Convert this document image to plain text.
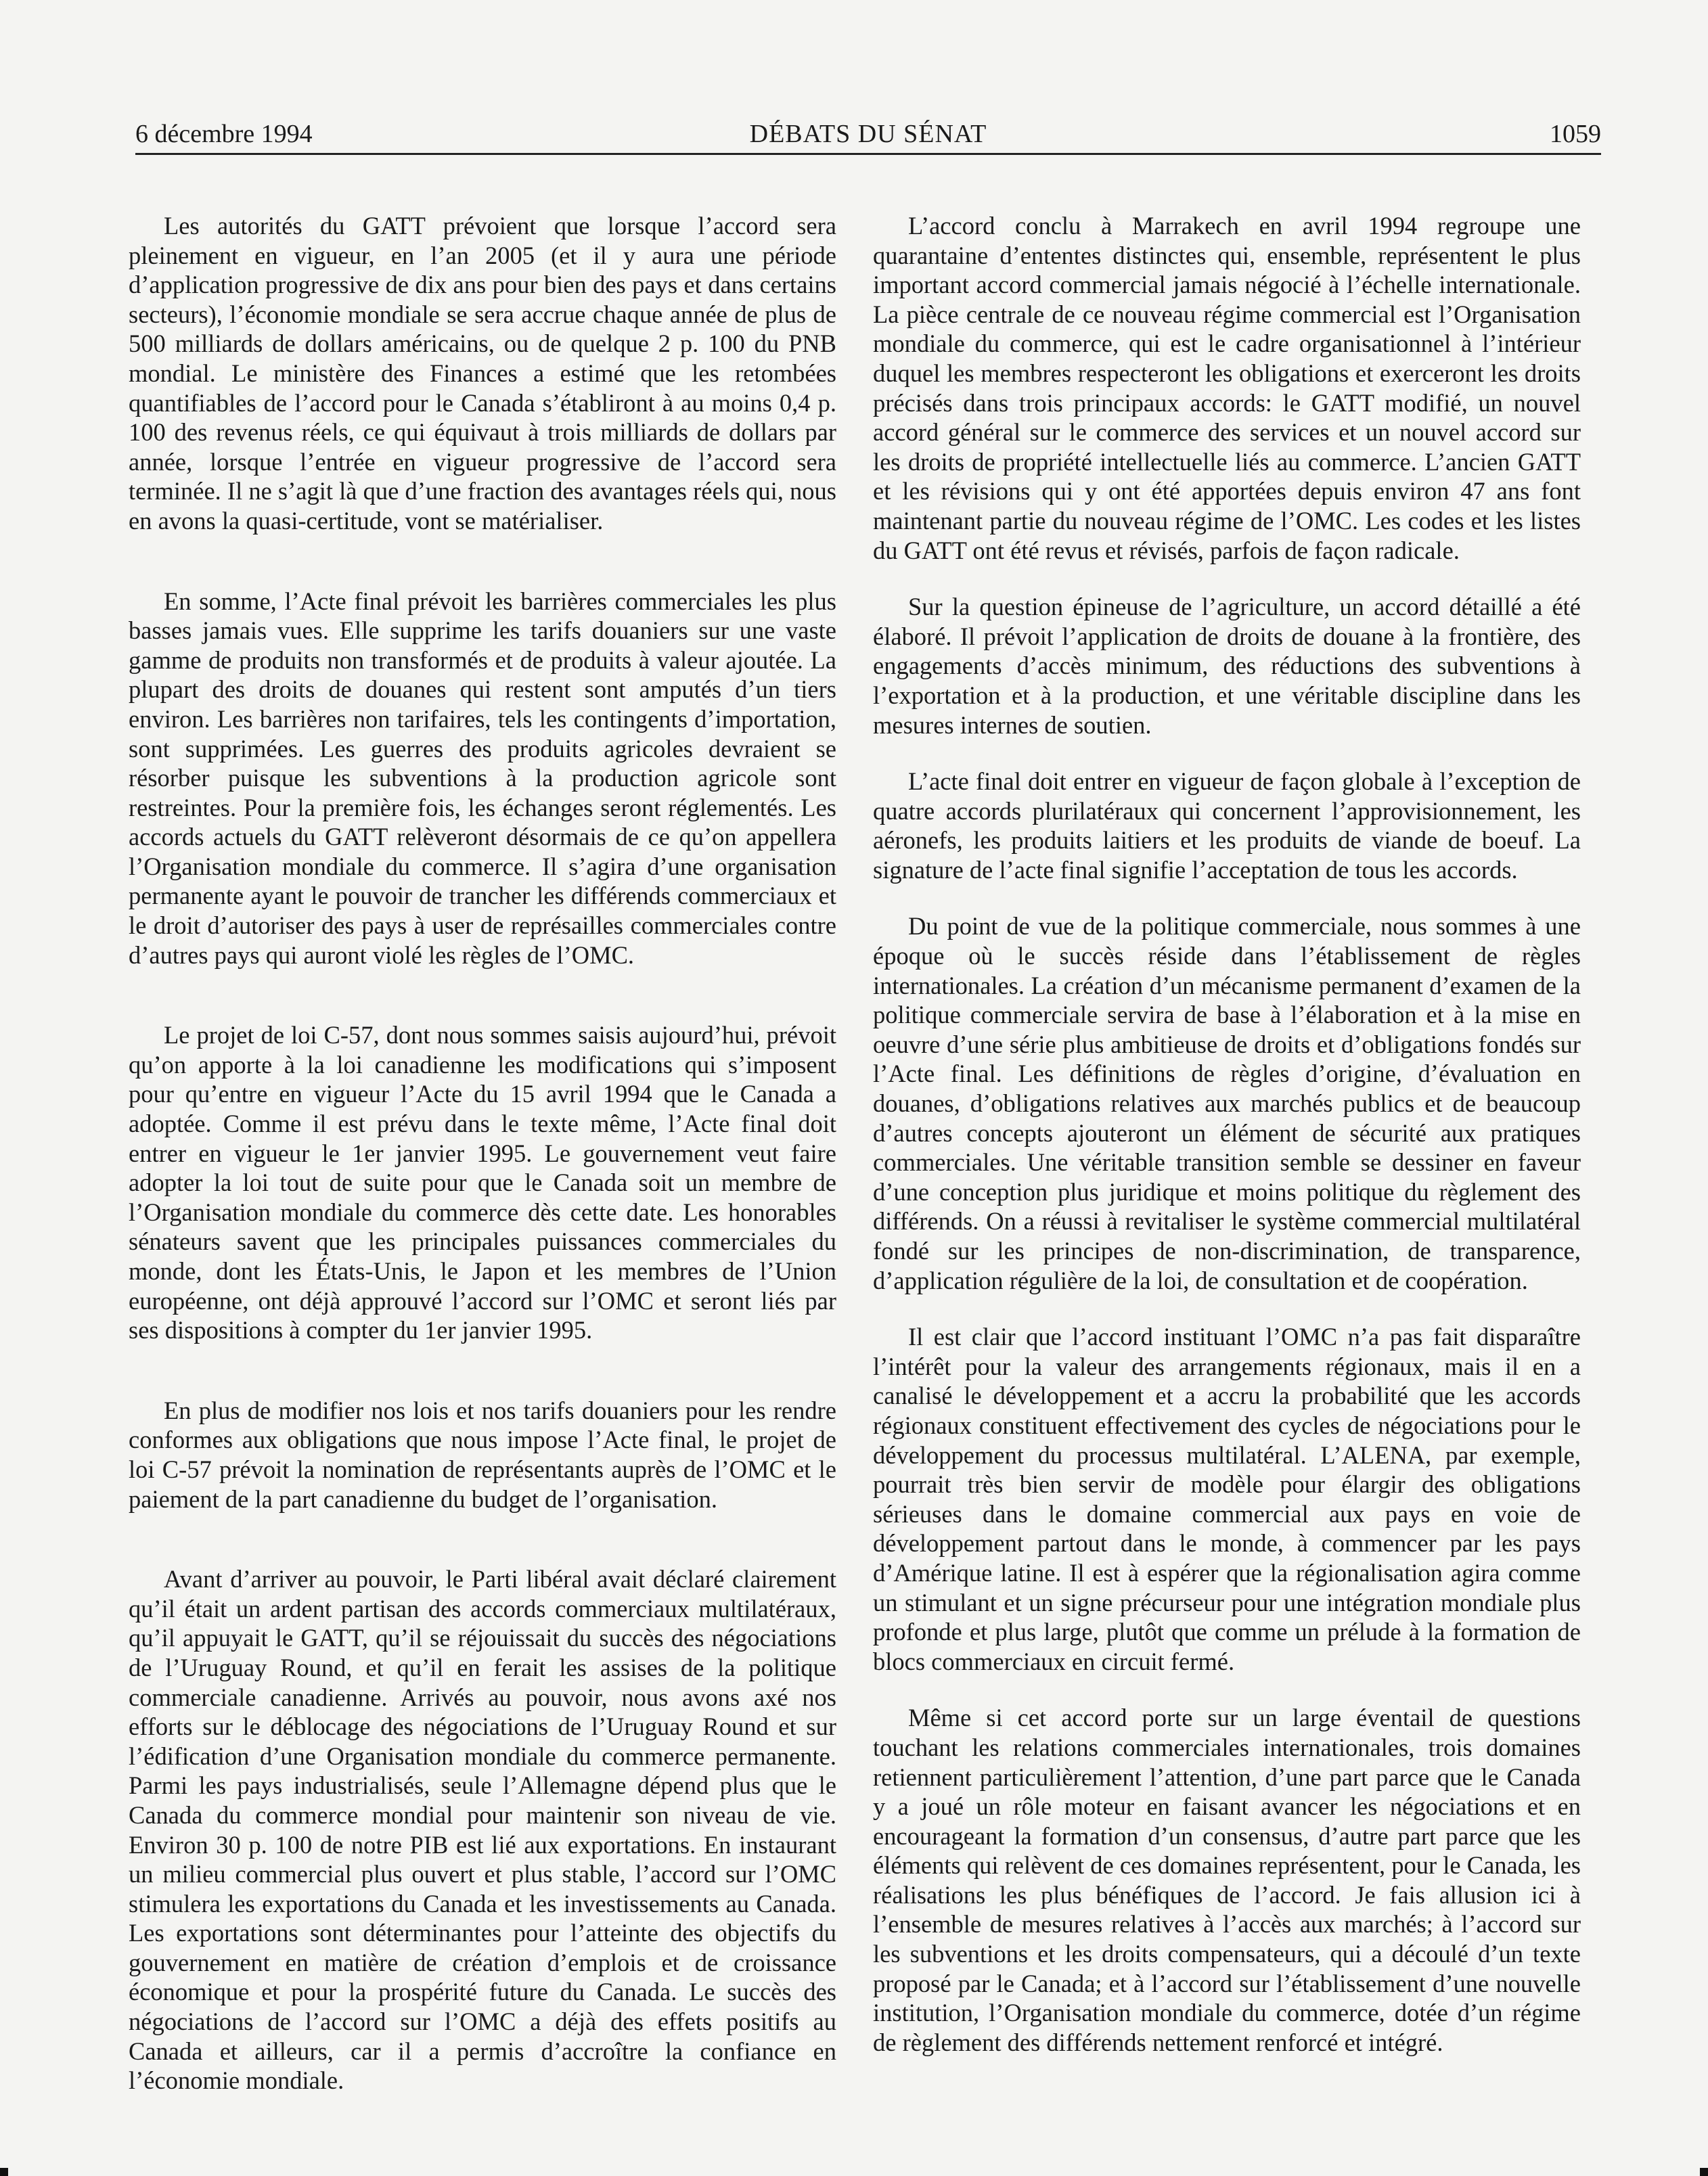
6 décembre 1994	DÉBATS DU SÉNAT	1059

Les autorités du GATT prévoient que lorsque l’accord sera pleinement en vigueur, en l’an 2005 (et il y aura une période d’application progressive de dix ans pour bien des pays et dans certains secteurs), l’économie mondiale se sera accrue chaque année de plus de 500 milliards de dollars américains, ou de quelque 2 p. 100 du PNB mondial. Le ministère des Finances a estimé que les retombées quantifiables de l’accord pour le Canada s’établiront à au moins 0,4 p. 100 des revenus réels, ce qui équivaut à trois milliards de dollars par année, lorsque l’entrée en vigueur progressive de l’accord sera terminée. Il ne s’agit là que d’une fraction des avantages réels qui, nous en avons la quasi-certitude, vont se matérialiser.

En somme, l’Acte final prévoit les barrières commerciales les plus basses jamais vues. Elle supprime les tarifs douaniers sur une vaste gamme de produits non transformés et de produits à valeur ajoutée. La plupart des droits de douanes qui restent sont amputés d’un tiers environ. Les barrières non tarifaires, tels les contingents d’importation, sont supprimées. Les guerres des produits agricoles devraient se résorber puisque les subventions à la production agricole sont restreintes. Pour la première fois, les échanges seront réglementés. Les accords actuels du GATT relèveront désormais de ce qu’on appellera l’Organisation mondiale du commerce. Il s’agira d’une organisation permanente ayant le pouvoir de trancher les différends commerciaux et le droit d’autoriser des pays à user de représailles commerciales contre d’autres pays qui auront violé les règles de l’OMC.

Le projet de loi C-57, dont nous sommes saisis aujourd’hui, prévoit qu’on apporte à la loi canadienne les modifications qui s’imposent pour qu’entre en vigueur l’Acte du 15 avril 1994 que le Canada a adoptée. Comme il est prévu dans le texte même, l’Acte final doit entrer en vigueur le 1er janvier 1995. Le gouvernement veut faire adopter la loi tout de suite pour que le Canada soit un membre de l’Organisation mondiale du commerce dès cette date. Les honorables sénateurs savent que les principales puissances commerciales du monde, dont les États-Unis, le Japon et les membres de l’Union européenne, ont déjà approuvé l’accord sur l’OMC et seront liés par ses dispositions à compter du 1er janvier 1995.

En plus de modifier nos lois et nos tarifs douaniers pour les rendre conformes aux obligations que nous impose l’Acte final, le projet de loi C-57 prévoit la nomination de représentants auprès de l’OMC et le paiement de la part canadienne du budget de l’organisation.

Avant d’arriver au pouvoir, le Parti libéral avait déclaré clairement qu’il était un ardent partisan des accords commerciaux multilatéraux, qu’il appuyait le GATT, qu’il se réjouissait du succès des négociations de l’Uruguay Round, et qu’il en ferait les assises de la politique commerciale canadienne. Arrivés au pouvoir, nous avons axé nos efforts sur le déblocage des négociations de l’Uruguay Round et sur l’édification d’une Organisation mondiale du commerce permanente. Parmi les pays industrialisés, seule l’Allemagne dépend plus que le Canada du commerce mondial pour maintenir son niveau de vie. Environ 30 p. 100 de notre PIB est lié aux exportations. En instaurant un milieu commercial plus ouvert et plus stable, l’accord sur l’OMC stimulera les exportations du Canada et les investissements au Canada. Les exportations sont déterminantes pour l’atteinte des objectifs du gouvernement en matière de création d’emplois et de croissance économique et pour la prospérité future du Canada. Le succès des négociations de l’accord sur l’OMC a déjà des effets positifs au Canada et ailleurs, car il a permis d’accroître la confiance en l’économie mondiale.

L’accord conclu à Marrakech en avril 1994 regroupe une quarantaine d’ententes distinctes qui, ensemble, représentent le plus important accord commercial jamais négocié à l’échelle internationale. La pièce centrale de ce nouveau régime commercial est l’Organisation mondiale du commerce, qui est le cadre organisationnel à l’intérieur duquel les membres respecteront les obligations et exerceront les droits précisés dans trois principaux accords: le GATT modifié, un nouvel accord général sur le commerce des services et un nouvel accord sur les droits de propriété intellectuelle liés au commerce. L’ancien GATT et les révisions qui y ont été apportées depuis environ 47 ans font maintenant partie du nouveau régime de l’OMC. Les codes et les listes du GATT ont été revus et révisés, parfois de façon radicale.

Sur la question épineuse de l’agriculture, un accord détaillé a été élaboré. Il prévoit l’application de droits de douane à la frontière, des engagements d’accès minimum, des réductions des subventions à l’exportation et à la production, et une véritable discipline dans les mesures internes de soutien.

L’acte final doit entrer en vigueur de façon globale à l’exception de quatre accords plurilatéraux qui concernent l’approvisionnement, les aéronefs, les produits laitiers et les produits de viande de boeuf. La signature de l’acte final signifie l’acceptation de tous les accords.

Du point de vue de la politique commerciale, nous sommes à une époque où le succès réside dans l’établissement de règles internationales. La création d’un mécanisme permanent d’examen de la politique commerciale servira de base à l’élaboration et à la mise en oeuvre d’une série plus ambitieuse de droits et d’obligations fondés sur l’Acte final. Les définitions de règles d’origine, d’évaluation en douanes, d’obligations relatives aux marchés publics et de beaucoup d’autres concepts ajouteront un élément de sécurité aux pratiques commerciales. Une véritable transition semble se dessiner en faveur d’une conception plus juridique et moins politique du règlement des différends. On a réussi à revitaliser le système commercial multilatéral fondé sur les principes de non-discrimination, de transparence, d’application régulière de la loi, de consultation et de coopération.

Il est clair que l’accord instituant l’OMC n’a pas fait disparaître l’intérêt pour la valeur des arrangements régionaux, mais il en a canalisé le développement et a accru la probabilité que les accords régionaux constituent effectivement des cycles de négociations pour le développement du processus multilatéral. L’ALENA, par exemple, pourrait très bien servir de modèle pour élargir des obligations sérieuses dans le domaine commercial aux pays en voie de développement partout dans le monde, à commencer par les pays d’Amérique latine. Il est à espérer que la régionalisation agira comme un stimulant et un signe précurseur pour une intégration mondiale plus profonde et plus large, plutôt que comme un prélude à la formation de blocs commerciaux en circuit fermé.

Même si cet accord porte sur un large éventail de questions touchant les relations commerciales internationales, trois domaines retiennent particulièrement l’attention, d’une part parce que le Canada y a joué un rôle moteur en faisant avancer les négociations et en encourageant la formation d’un consensus, d’autre part parce que les éléments qui relèvent de ces domaines représentent, pour le Canada, les réalisations les plus bénéfiques de l’accord. Je fais allusion ici à l’ensemble de mesures relatives à l’accès aux marchés; à l’accord sur les subventions et les droits compensateurs, qui a découlé d’un texte proposé par le Canada; et à l’accord sur l’établissement d’une nouvelle institution, l’Organisation mondiale du commerce, dotée d’un régime de règlement des différends nettement renforcé et intégré.
